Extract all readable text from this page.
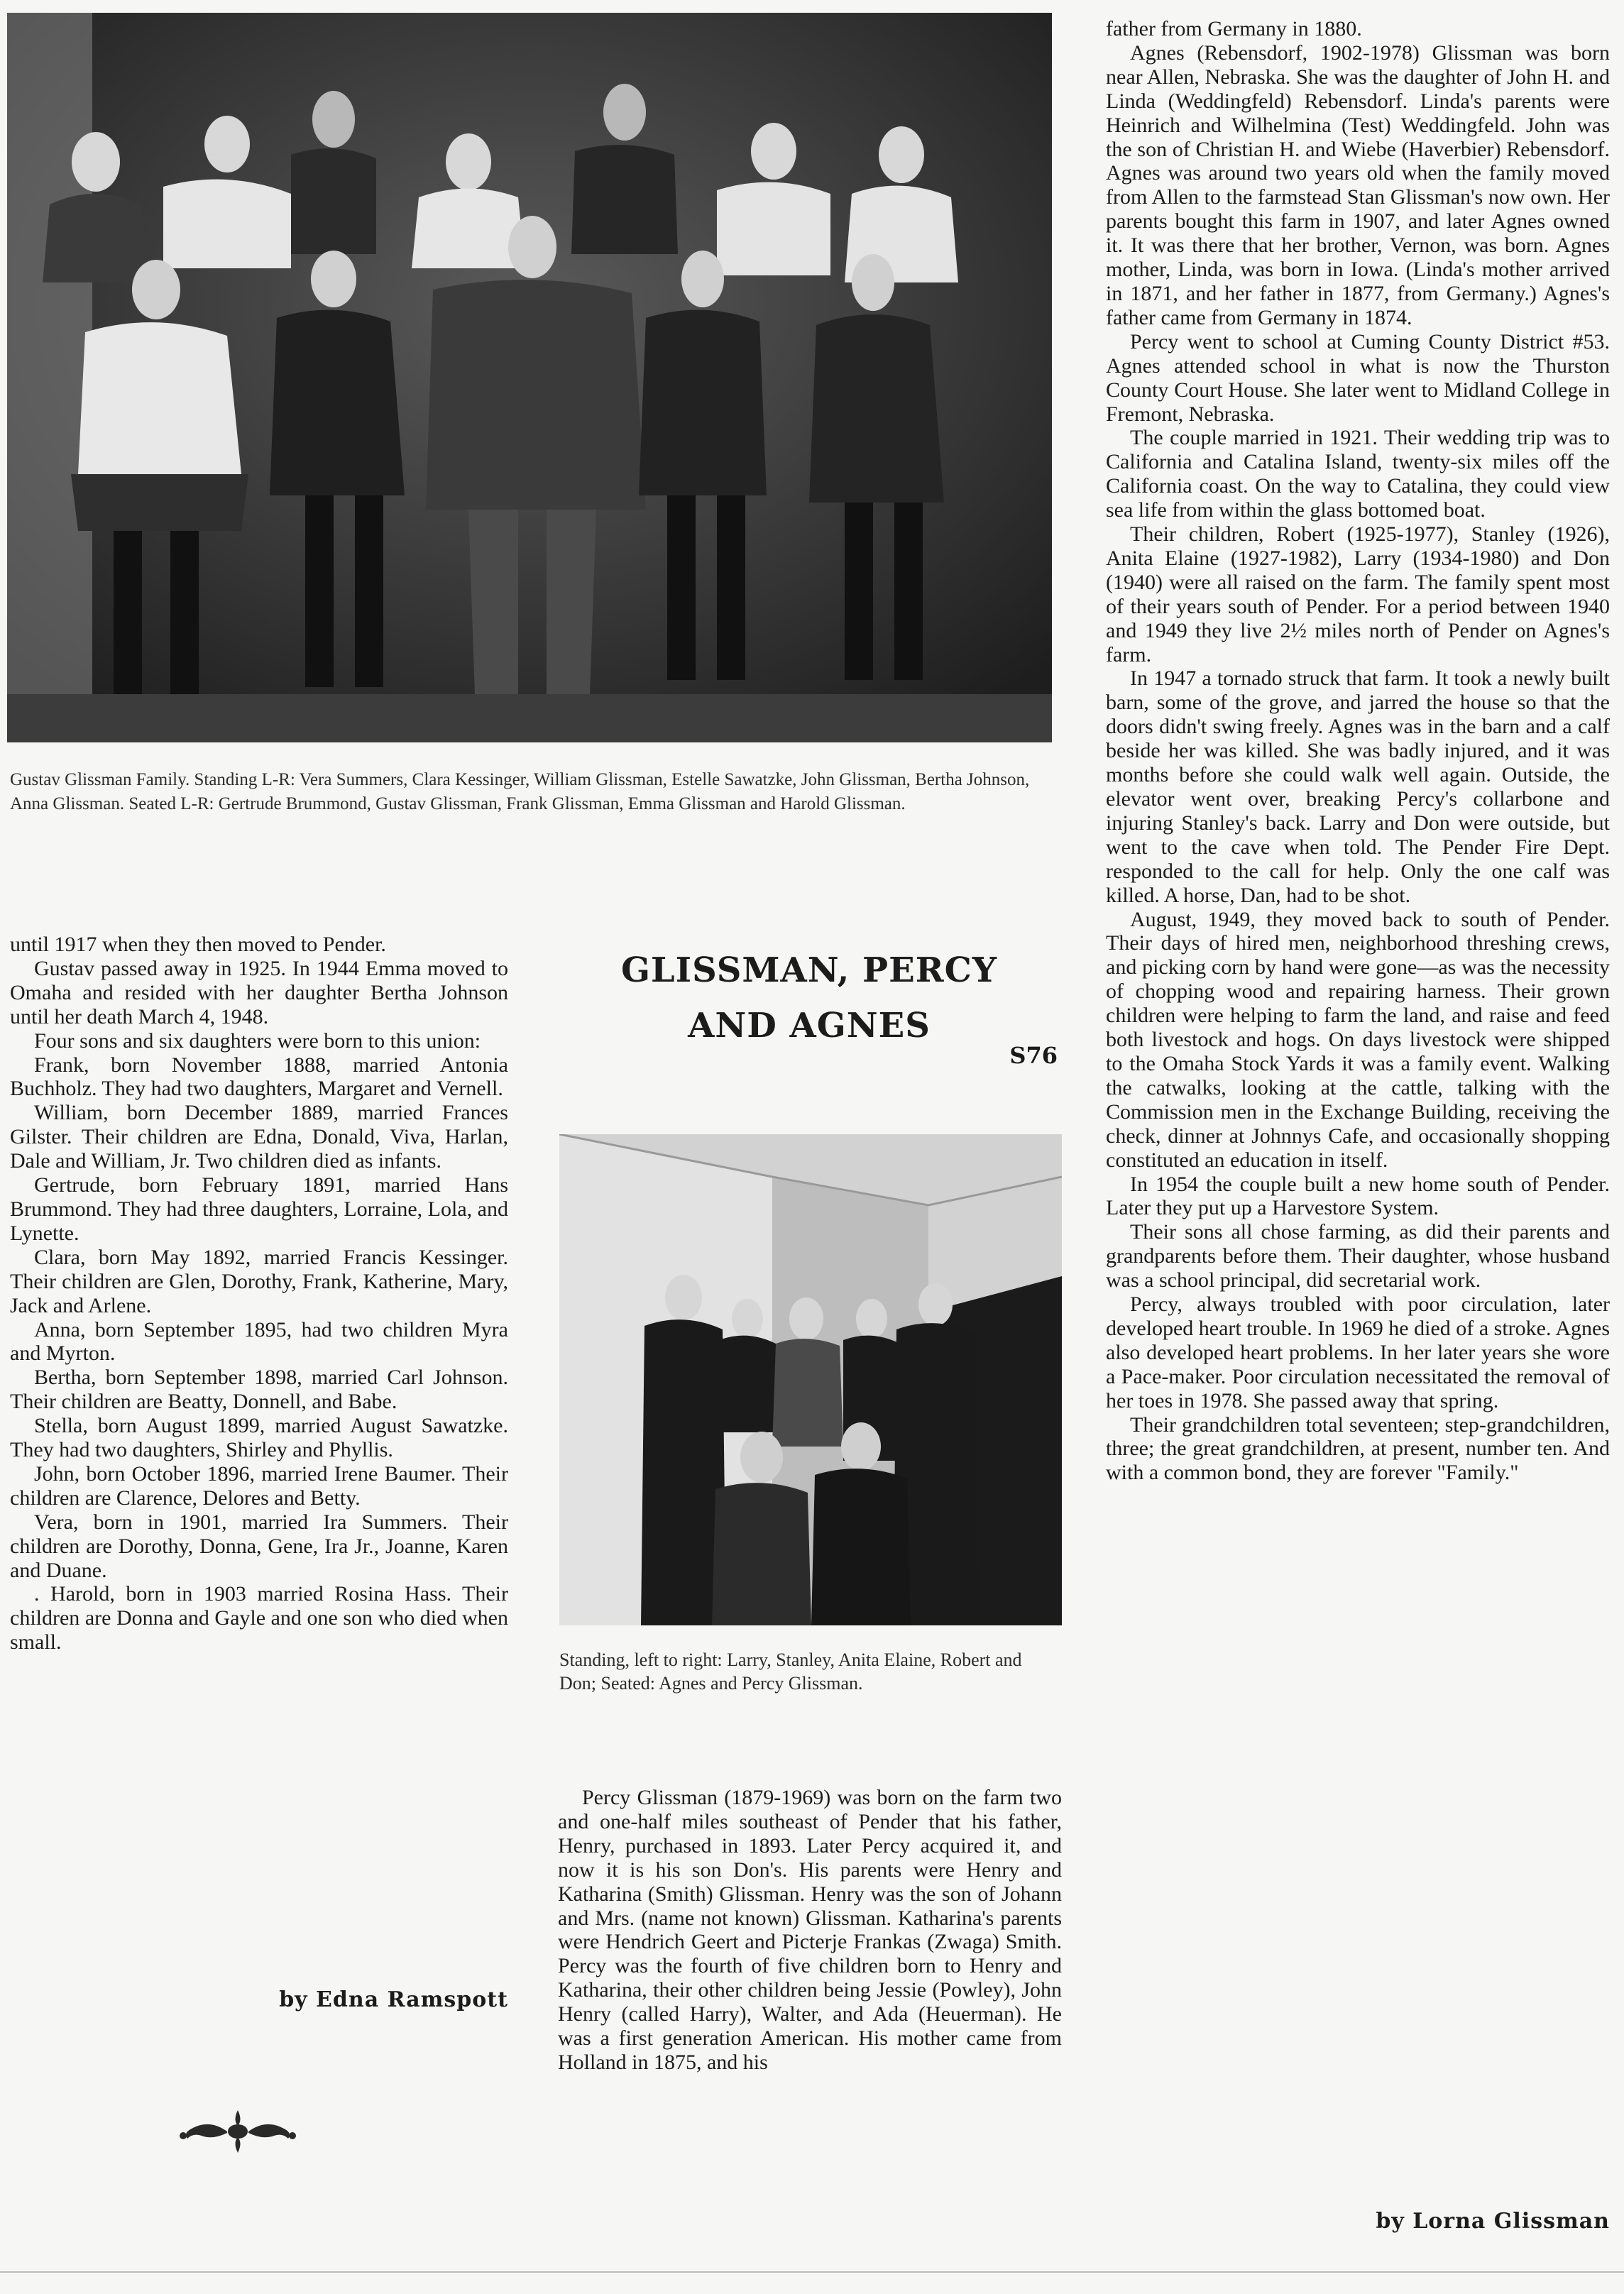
Gustav Glissman Family. Standing L-R: Vera Summers, Clara Kessinger, William Glissman, Estelle Sawatzke, John Glissman, Bertha Johnson, Anna Glissman. Seated L-R: Gertrude Brummond, Gustav Glissman, Frank Glissman, Emma Glissman and Harold Glissman.

until 1917 when they then moved to Pender.

Gustav passed away in 1925. In 1944 Emma moved to Omaha and resided with her daughter Bertha Johnson until her death March 4, 1948.

Four sons and six daughters were born to this union:

Frank, born November 1888, married Antonia Buchholz. They had two daughters, Margaret and Vernell.

William, born December 1889, married Frances Gilster. Their children are Edna, Donald, Viva, Harlan, Dale and William, Jr. Two children died as infants.

Gertrude, born February 1891, married Hans Brummond. They had three daughters, Lorraine, Lola, and Lynette.

Clara, born May 1892, married Francis Kessinger. Their children are Glen, Dorothy, Frank, Katherine, Mary, Jack and Arlene.

Anna, born September 1895, had two children Myra and Myrton.

Bertha, born September 1898, married Carl Johnson. Their children are Beatty, Donnell, and Babe.

Stella, born August 1899, married August Sawatzke. They had two daughters, Shirley and Phyllis.

John, born October 1896, married Irene Baumer. Their children are Clarence, Delores and Betty.

Vera, born in 1901, married Ira Summers. Their children are Dorothy, Donna, Gene, Ira Jr., Joanne, Karen and Duane.

. Harold, born in 1903 married Rosina Hass. Their children are Donna and Gayle and one son who died when small.

by Edna Ramspott
GLISSMAN, PERCY
AND AGNES
S76
Standing, left to right: Larry, Stanley, Anita Elaine, Robert and Don; Seated: Agnes and Percy Glissman.

Percy Glissman (1879-1969) was born on the farm two and one-half miles southeast of Pender that his father, Henry, purchased in 1893. Later Percy acquired it, and now it is his son Don's. His parents were Henry and Katharina (Smith) Glissman. Henry was the son of Johann and Mrs. (name not known) Glissman. Katharina's parents were Hendrich Geert and Picterje Frankas (Zwaga) Smith. Percy was the fourth of five children born to Henry and Katharina, their other children being Jessie (Powley), John Henry (called Harry), Walter, and Ada (Heuerman). He was a first generation American. His mother came from Holland in 1875, and his

father from Germany in 1880.

Agnes (Rebensdorf, 1902-1978) Glissman was born near Allen, Nebraska. She was the daughter of John H. and Linda (Weddingfeld) Rebensdorf. Linda's parents were Heinrich and Wilhelmina (Test) Weddingfeld. John was the son of Christian H. and Wiebe (Haverbier) Rebensdorf. Agnes was around two years old when the family moved from Allen to the farmstead Stan Glissman's now own. Her parents bought this farm in 1907, and later Agnes owned it. It was there that her brother, Vernon, was born. Agnes mother, Linda, was born in Iowa. (Linda's mother arrived in 1871, and her father in 1877, from Germany.) Agnes's father came from Germany in 1874.

Percy went to school at Cuming County District #53. Agnes attended school in what is now the Thurston County Court House. She later went to Midland College in Fremont, Nebraska.

The couple married in 1921. Their wedding trip was to California and Catalina Island, twenty-six miles off the California coast. On the way to Catalina, they could view sea life from within the glass bottomed boat.

Their children, Robert (1925-1977), Stanley (1926), Anita Elaine (1927-1982), Larry (1934-1980) and Don (1940) were all raised on the farm. The family spent most of their years south of Pender. For a period between 1940 and 1949 they live 2½ miles north of Pender on Agnes's farm.

In 1947 a tornado struck that farm. It took a newly built barn, some of the grove, and jarred the house so that the doors didn't swing freely. Agnes was in the barn and a calf beside her was killed. She was badly injured, and it was months before she could walk well again. Outside, the elevator went over, breaking Percy's collarbone and injuring Stanley's back. Larry and Don were outside, but went to the cave when told. The Pender Fire Dept. responded to the call for help. Only the one calf was killed. A horse, Dan, had to be shot.

August, 1949, they moved back to south of Pender. Their days of hired men, neighborhood threshing crews, and picking corn by hand were gone—as was the necessity of chopping wood and repairing harness. Their grown children were helping to farm the land, and raise and feed both livestock and hogs. On days livestock were shipped to the Omaha Stock Yards it was a family event. Walking the catwalks, looking at the cattle, talking with the Commission men in the Exchange Building, receiving the check, dinner at Johnnys Cafe, and occasionally shopping constituted an education in itself.

In 1954 the couple built a new home south of Pender. Later they put up a Harvestore System.

Their sons all chose farming, as did their parents and grandparents before them. Their daughter, whose husband was a school principal, did secretarial work.

Percy, always troubled with poor circulation, later developed heart trouble. In 1969 he died of a stroke. Agnes also developed heart problems. In her later years she wore a Pace-maker. Poor circulation necessitated the removal of her toes in 1978. She passed away that spring.

Their grandchildren total seventeen; step-grandchildren, three; the great grandchildren, at present, number ten. And with a common bond, they are forever "Family."

by Lorna Glissman
